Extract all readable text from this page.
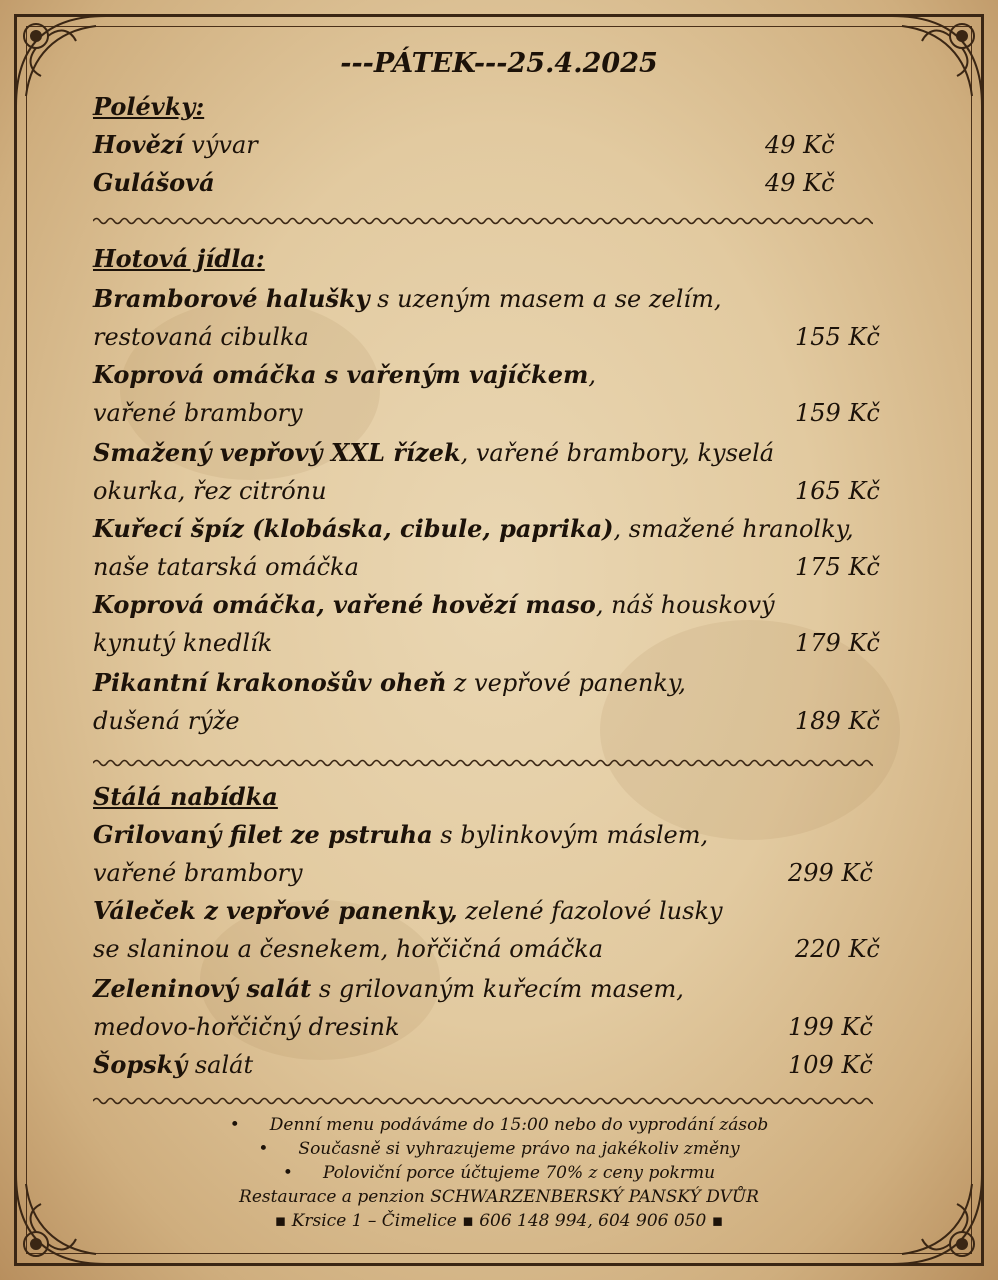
---PÁTEK---25.4.2025
Polévky:
Hovězí vývar	49 Kč
Gulášová	49 Kč
Hotová jídla:
Bramborové halušky s uzeným masem a se zelím,
restovaná cibulka	155 Kč
Koprová omáčka s vařeným vajíčkem,
vařené brambory	159 Kč
Smažený vepřový XXL řízek, vařené brambory, kyselá
okurka, řez citrónu	165 Kč
Kuřecí špíz (klobáska, cibule, paprika), smažené hranolky,
naše tatarská omáčka	175 Kč
Koprová omáčka, vařené hovězí maso, náš houskový
kynutý knedlík	179 Kč
Pikantní krakonošův oheň z vepřové panenky,
dušená rýže	189 Kč
Stálá nabídka
Grilovaný filet ze pstruha s bylinkovým máslem,
vařené brambory	299 Kč
Váleček z vepřové panenky, zelené fazolové lusky
se slaninou a česnekem, hořčičná omáčka	220 Kč
Zeleninový salát s grilovaným kuřecím masem,
medovo-hořčičný dresink	199 Kč
Šopský salát	109 Kč
• Denní menu podáváme do 15:00 nebo do vyprodání zásob
• Současně si vyhrazujeme právo na jakékoliv změny
• Poloviční porce účtujeme 70% z ceny pokrmu
Restaurace a penzion SCHWARZENBERSKÝ PANSKÝ DVŮR
▪ Krsice 1 – Čimelice ▪ 606 148 994, 604 906 050 ▪
